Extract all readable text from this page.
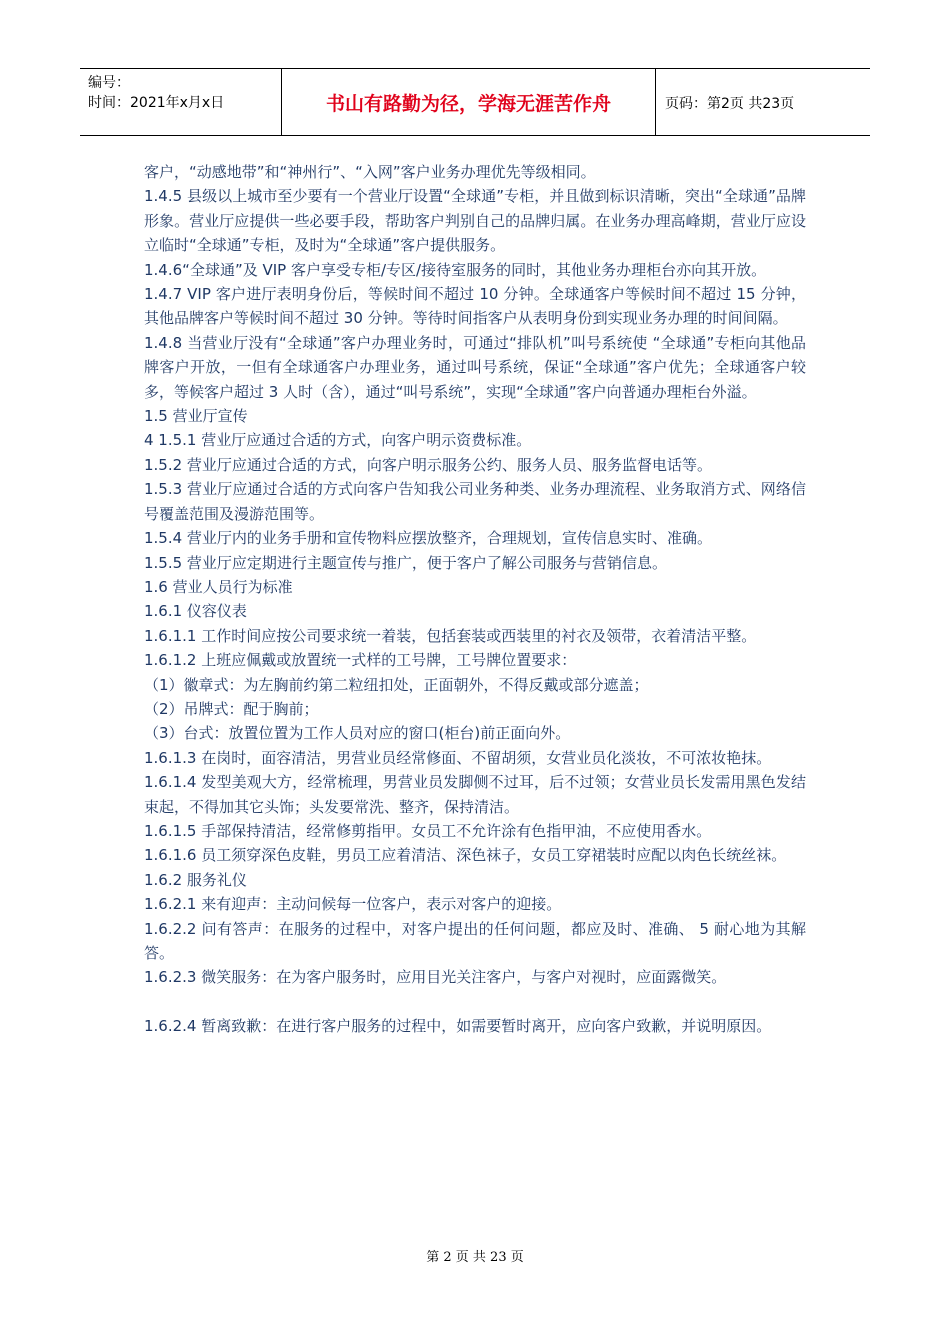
编号：
时间：2021年x月x日	书山有路勤为径，学海无涯苦作舟	页码：第2页 共23页

客户，“动感地带”和“神州行”、“入网”客户业务办理优先等级相同。

1.4.5 县级以上城市至少要有一个营业厅设置“全球通”专柜，并且做到标识清晰，突出“全球通”品牌形象。营业厅应提供一些必要手段，帮助客户判别自己的品牌归属。在业务办理高峰期，营业厅应设立临时“全球通”专柜，及时为“全球通”客户提供服务。

1.4.6“全球通”及 VIP 客户享受专柜/专区/接待室服务的同时，其他业务办理柜台亦向其开放。

1.4.7 VIP 客户进厅表明身份后，等候时间不超过 10 分钟。全球通客户等候时间不超过 15 分钟，其他品牌客户等候时间不超过 30 分钟。等待时间指客户从表明身份到实现业务办理的时间间隔。

1.4.8 当营业厅没有“全球通”客户办理业务时，可通过“排队机”叫号系统使 “全球通”专柜向其他品牌客户开放，一但有全球通客户办理业务，通过叫号系统，保证“全球通”客户优先；全球通客户较多，等候客户超过 3 人时（含），通过“叫号系统”，实现“全球通”客户向普通办理柜台外溢。

1.5 营业厅宣传

4 1.5.1 营业厅应通过合适的方式，向客户明示资费标准。

1.5.2 营业厅应通过合适的方式，向客户明示服务公约、服务人员、服务监督电话等。

1.5.3 营业厅应通过合适的方式向客户告知我公司业务种类、业务办理流程、业务取消方式、网络信号覆盖范围及漫游范围等。

1.5.4 营业厅内的业务手册和宣传物料应摆放整齐，合理规划，宣传信息实时、准确。

1.5.5 营业厅应定期进行主题宣传与推广，便于客户了解公司服务与营销信息。

1.6 营业人员行为标准

1.6.1 仪容仪表

1.6.1.1 工作时间应按公司要求统一着装，包括套装或西装里的衬衣及领带，衣着清洁平整。

1.6.1.2 上班应佩戴或放置统一式样的工号牌，工号牌位置要求：

（1）徽章式：为左胸前约第二粒纽扣处，正面朝外，不得反戴或部分遮盖；

（2）吊牌式：配于胸前；

（3）台式：放置位置为工作人员对应的窗口(柜台)前正面向外。

1.6.1.3 在岗时，面容清洁，男营业员经常修面、不留胡须，女营业员化淡妆，不可浓妆艳抹。

1.6.1.4 发型美观大方，经常梳理，男营业员发脚侧不过耳，后不过领；女营业员长发需用黑色发结束起，不得加其它头饰；头发要常洗、整齐，保持清洁。

1.6.1.5 手部保持清洁，经常修剪指甲。女员工不允许涂有色指甲油，不应使用香水。

1.6.1.6 员工须穿深色皮鞋，男员工应着清洁、深色袜子，女员工穿裙装时应配以肉色长统丝袜。

1.6.2 服务礼仪

1.6.2.1 来有迎声：主动问候每一位客户，表示对客户的迎接。

1.6.2.2 问有答声：在服务的过程中，对客户提出的任何问题，都应及时、准确、 5 耐心地为其解答。

1.6.2.3 微笑服务：在为客户服务时，应用目光关注客户，与客户对视时，应面露微笑。

1.6.2.4 暂离致歉：在进行客户服务的过程中，如需要暂时离开，应向客户致歉，并说明原因。

第 2 页 共 23 页
